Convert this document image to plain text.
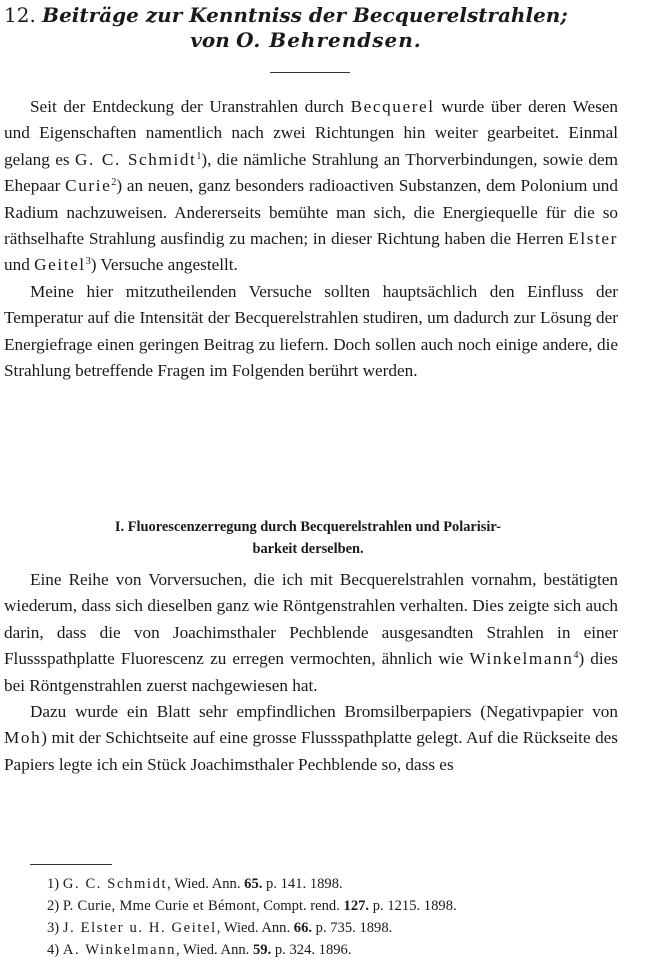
12. Beiträge zur Kenntniss der Becquerelstrahlen;
von O. Behrendsen.

Seit der Entdeckung der Uranstrahlen durch Becquerel wurde über deren Wesen und Eigenschaften namentlich nach zwei Richtungen hin weiter gearbeitet. Einmal gelang es G. C. Schmidt$^1$), die nämliche Strahlung an Thorverbindungen, sowie dem Ehepaar Curie$^2$) an neuen, ganz besonders radioactiven Substanzen, dem Polonium und Radium nachzuweisen. Andererseits bemühte man sich, die Energiequelle für die so räthselhafte Strahlung ausfindig zu machen; in dieser Richtung haben die Herren Elster und Geitel$^3$) Versuche angestellt.

Meine hier mitzutheilenden Versuche sollten hauptsächlich den Einfluss der Temperatur auf die Intensität der Becquerelstrahlen studiren, um dadurch zur Lösung der Energiefrage einen geringen Beitrag zu liefern. Doch sollen auch noch einige andere, die Strahlung betreffende Fragen im Folgenden berührt werden.

I. Fluorescenzerregung durch Becquerelstrahlen und Polarisir-
barkeit derselben.

Eine Reihe von Vorversuchen, die ich mit Becquerelstrahlen vornahm, bestätigten wiederum, dass sich dieselben ganz wie Röntgenstrahlen verhalten. Dies zeigte sich auch darin, dass die von Joachimsthaler Pechblende ausgesandten Strahlen in einer Flussspathplatte Fluorescenz zu erregen vermochten, ähnlich wie Winkelmann$^4$) dies bei Röntgenstrahlen zuerst nachgewiesen hat.

Dazu wurde ein Blatt sehr empfindlichen Bromsilberpapiers (Negativpapier von Moh) mit der Schichtseite auf eine grosse Flussspathplatte gelegt. Auf die Rückseite des Papiers legte ich ein Stück Joachimsthaler Pechblende so, dass es

1) G. C. Schmidt, Wied. Ann. 65. p. 141. 1898.
2) P. Curie, Mme Curie et Bémont, Compt. rend. 127. p. 1215. 1898.
3) J. Elster u. H. Geitel, Wied. Ann. 66. p. 735. 1898.
4) A. Winkelmann, Wied. Ann. 59. p. 324. 1896.
